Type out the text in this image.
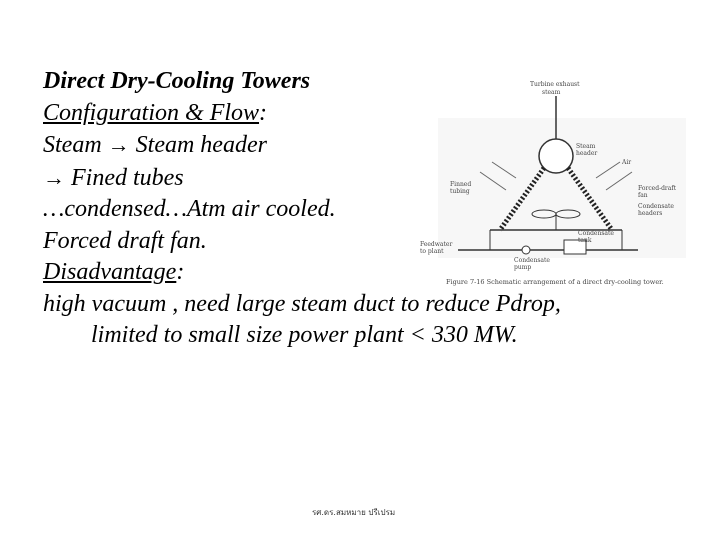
Direct Dry-Cooling Towers
Configuration & Flow:
Steam → Steam header
→ Fined tubes
…condensed…Atm air cooled.
Forced draft fan.
Disadvantage:
high vacuum , need large steam duct to reduce Pdrop,
limited to small size power plant < 330 MW.
Turbine exhaust
steam
Steam
header
Air
Finned
tubing	Forced-draft
fan
Condensate
headers
Condensate
tank
Condensate
pump
Feedwater
to plant
Figure 7-16 Schematic arrangement of a direct dry-cooling tower.
รศ.ดร.สมหมาย ปรีเปรม
